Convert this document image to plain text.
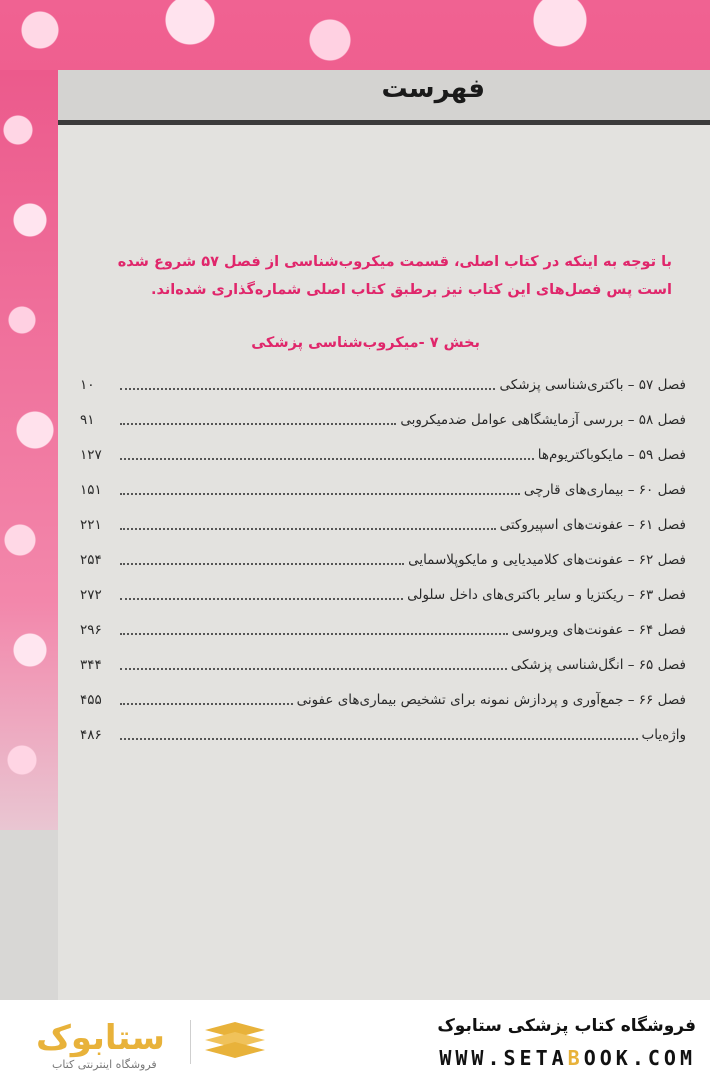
فهرست

با توجه به اینکه در کتاب اصلی، قسمت میکروب‌شناسی از فصل ۵۷ شروع شده است پس فصل‌های این کتاب نیز برطبق کتاب اصلی شماره‌گذاری شده‌اند.

بخش ۷ -میکروب‌شناسی پزشکی

۱۰	فصل ۵۷ – باکتری‌شناسی پزشکی
۹۱	فصل ۵۸ – بررسی آزمایشگاهی عوامل ضدمیکروبی
۱۲۷	فصل ۵۹ – مایکوباکتریوم‌ها
۱۵۱	فصل ۶۰ – بیماری‌های قارچی
۲۲۱	فصل ۶۱ – عفونت‌های اسپیروکتی
۲۵۴	فصل ۶۲ – عفونت‌های کلامیدیایی و مایکوپلاسمایی
۲۷۲	فصل ۶۳ – ریکتزیا و سایر باکتری‌های داخل سلولی
۲۹۶	فصل ۶۴ – عفونت‌های ویروسی
۳۴۴	فصل ۶۵ – انگل‌شناسی پزشکی
۴۵۵	فصل ۶۶ – جمع‌آوری و پردازش نمونه برای تشخیص بیماری‌های عفونی
۴۸۶	واژه‌یاب
ستابوک
فروشگاه اینترنتی کتاب
فروشگاه کتاب پزشکی ستابوک
WWW.SETABOOK.COM
